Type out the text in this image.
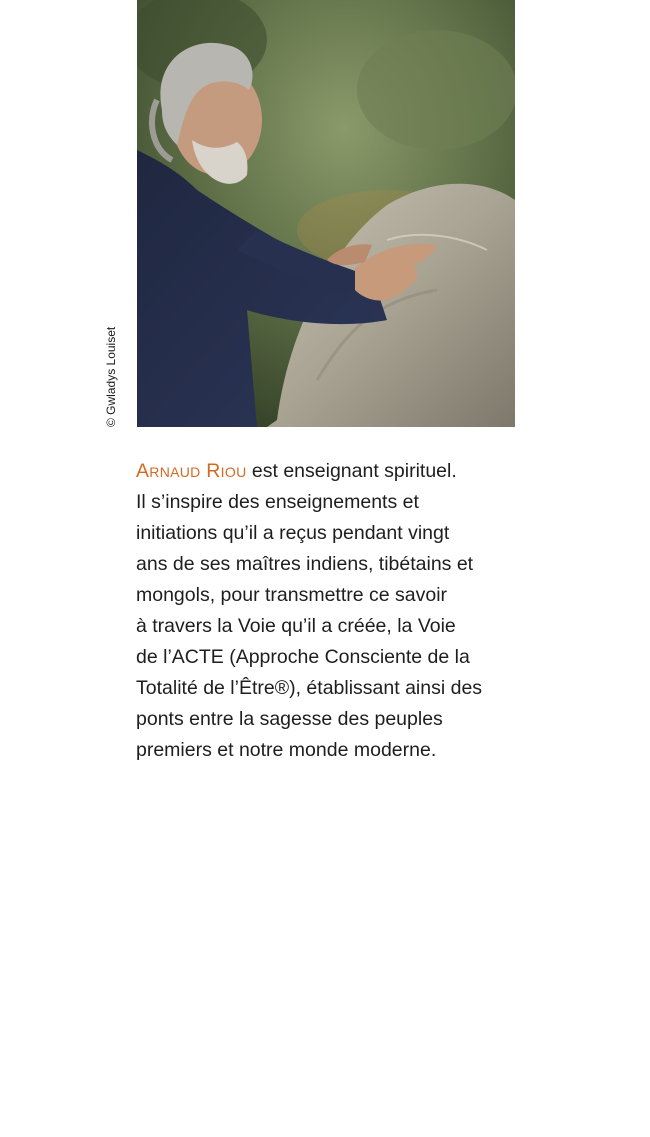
© Gwladys Louiset
Arnaud Riou est enseignant spirituel.
Il s’inspire des enseignements et
initiations qu’il a reçus pendant vingt
ans de ses maîtres indiens, tibétains et
mongols, pour transmettre ce savoir
à travers la Voie qu’il a créée, la Voie
de l’ACTE (Approche Consciente de la
Totalité de l’Être®), établissant ainsi des
ponts entre la sagesse des peuples
premiers et notre monde moderne.
